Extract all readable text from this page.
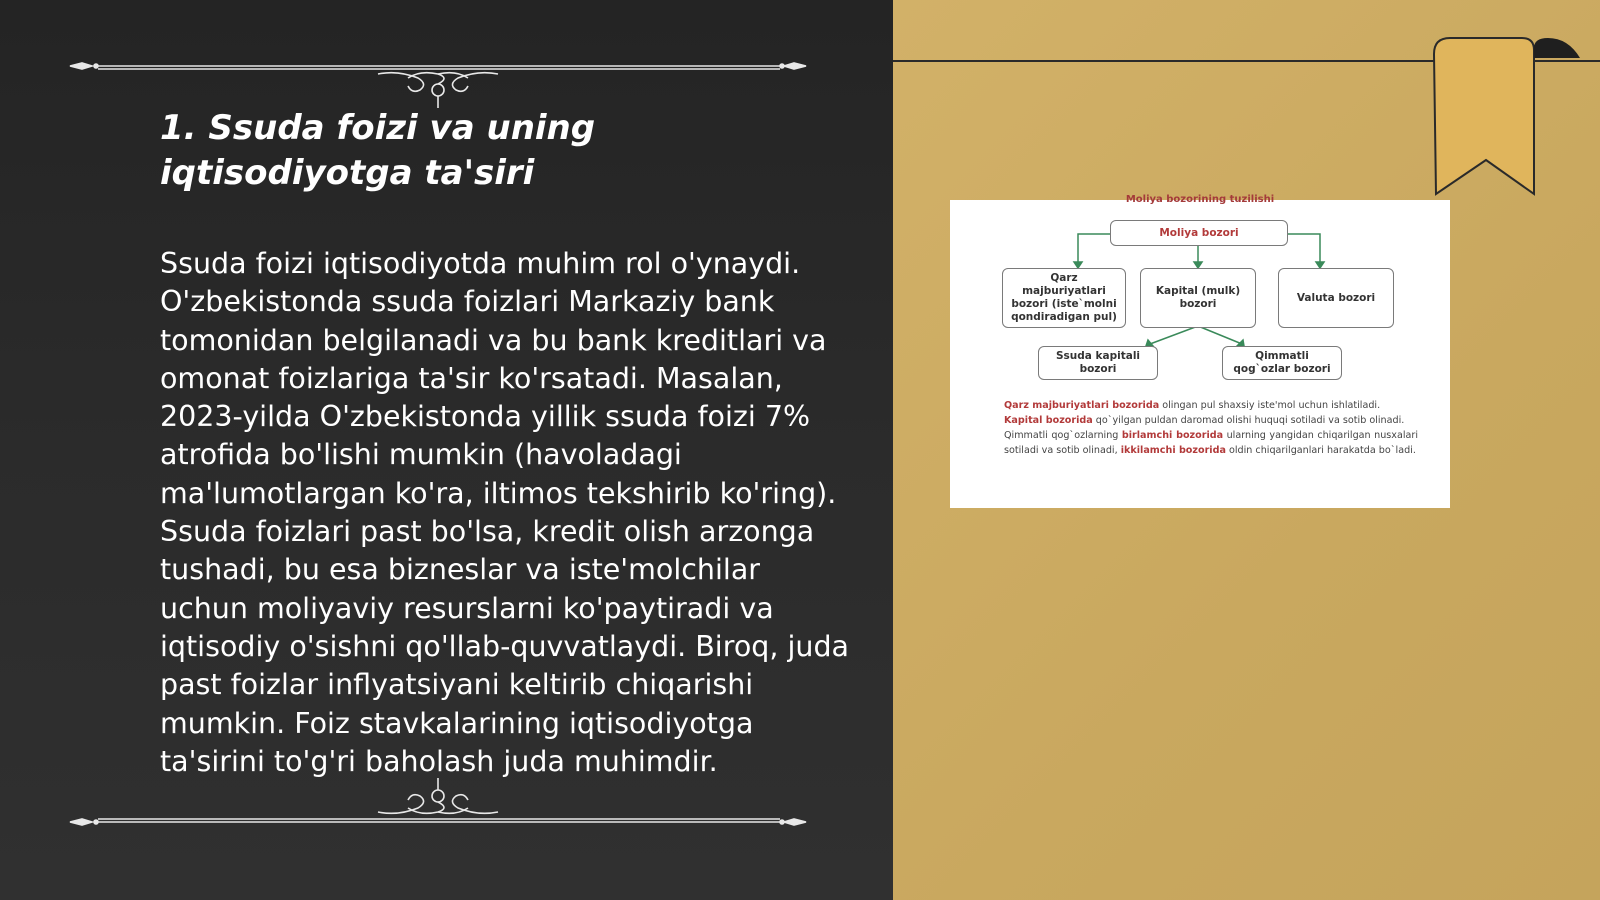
1. Ssuda foizi va uning iqtisodiyotga ta'siri

Ssuda foizi iqtisodiyotda muhim rol o'ynaydi. O'zbekistonda ssuda foizlari Markaziy bank tomonidan belgilanadi va bu bank kreditlari va omonat foizlariga ta'sir ko'rsatadi. Masalan, 2023-yilda O'zbekistonda yillik ssuda foizi 7% atrofida bo'lishi mumkin (havoladagi ma'lumotlargan ko'ra, iltimos tekshirib ko'ring). Ssuda foizlari past bo'lsa, kredit olish arzonga tushadi, bu esa bizneslar va iste'molchilar uchun moliyaviy resurslarni ko'paytiradi va iqtisodiy o'sishni qo'llab-quvvatlaydi. Biroq, juda past foizlar inflyatsiyani keltirib chiqarishi mumkin. Foiz stavkalarining iqtisodiyotga ta'sirini to'g'ri baholash juda muhimdir.

Moliya bozorining tuzilishi
Moliya bozori
Qarz majburiyatlari bozori (iste`molni qondiradigan pul)
Kapital (mulk) bozori
Valuta bozori
Ssuda kapitali bozori
Qimmatli qog`ozlar bozori

Qarz majburiyatlari bozorida olingan pul shaxsiy iste'mol uchun ishlatiladi.

Kapital bozorida qo`yilgan puldan daromad olishi huquqi sotiladi va sotib olinadi.

Qimmatli qog`ozlarning birlamchi bozorida ularning yangidan chiqarilgan nusxalari sotiladi va sotib olinadi, ikkilamchi bozorida oldin chiqarilganlari harakatda bo`ladi.
